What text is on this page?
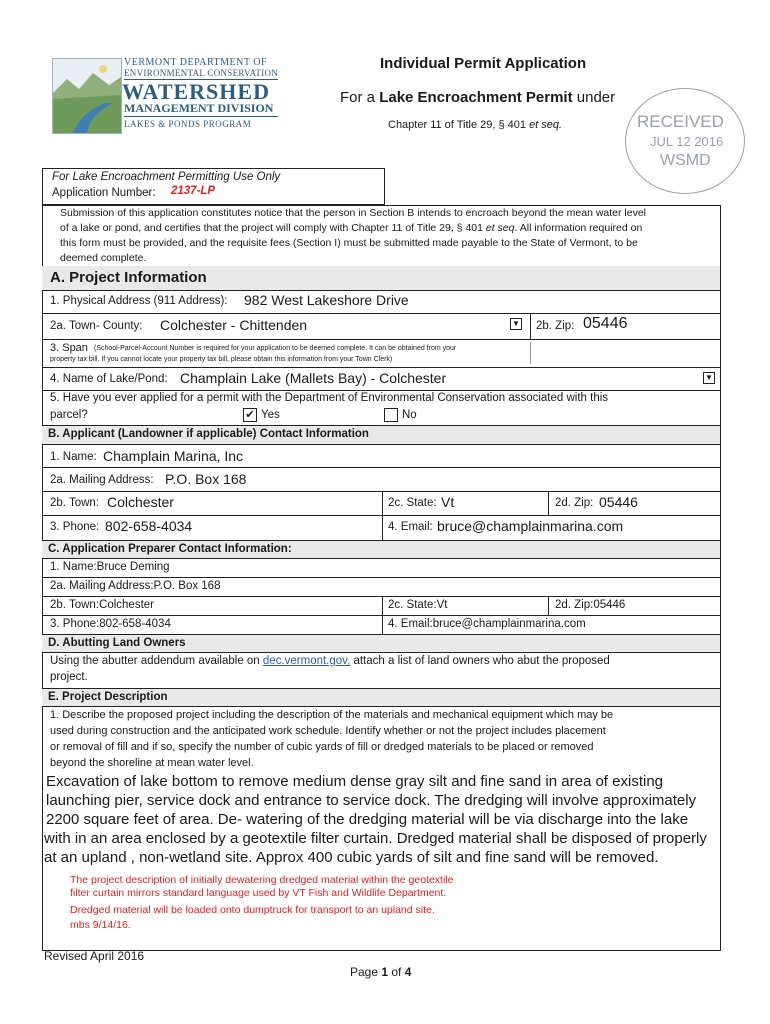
VERMONT DEPARTMENT OF
ENVIRONMENTAL CONSERVATION
WATERSHED
MANAGEMENT DIVISION
LAKES & PONDS PROGRAM
Individual Permit Application
For a Lake Encroachment Permit under
Chapter 11 of Title 29, § 401 et seq.	RECEIVED
JUL 12 2016
WSMD
For Lake Encroachment Permitting Use Only
Application Number: 2137-LP
Submission of this application constitutes notice that the person in Section B intends to encroach beyond the mean water level
of a lake or pond, and certifies that the project will comply with Chapter 11 of Title 29, § 401 et seq. All information required on
this form must be provided, and the requisite fees (Section I) must be submitted made payable to the State of Vermont, to be
deemed complete.
A. Project Information
1. Physical Address (911 Address): 982 West Lakeshore Drive
2a. Town- County: Colchester - Chittenden	▼ 2b. Zip: 05446
3. Span (School-Parcel-Account Number is required for your application to be deemed complete. It can be obtained from your
property tax bill. If you cannot locate your property tax bill, please obtain this information from your Town Clerk)
4. Name of Lake/Pond: Champlain Lake (Mallets Bay) - Colchester	▼
5. Have you ever applied for a permit with the Department of Environmental Conservation associated with this
parcel?	✔ Yes	No
B. Applicant (Landowner if applicable) Contact Information
1. Name: Champlain Marina, Inc
2a. Mailing Address: P.O. Box 168
2b. Town: Colchester	2c. State: Vt	2d. Zip: 05446
3. Phone: 802-658-4034	4. Email: bruce@champlainmarina.com
C. Application Preparer Contact Information:
1. Name:Bruce Deming
2a. Mailing Address:P.O. Box 168
2b. Town:Colchester	2c. State:Vt	2d. Zip:05446
3. Phone:802-658-4034	4. Email:bruce@champlainmarina.com
D. Abutting Land Owners
Using the abutter addendum available on dec.vermont.gov, attach a list of land owners who abut the proposed
project.
E. Project Description
1. Describe the proposed project including the description of the materials and mechanical equipment which may be
used during construction and the anticipated work schedule. Identify whether or not the project includes placement
or removal of fill and if so, specify the number of cubic yards of fill or dredged materials to be placed or removed
beyond the shoreline at mean water level.
Excavation of lake bottom to remove medium dense gray silt and fine sand in area of existing
launching pier, service dock and entrance to service dock. The dredging will involve approximately
2200 square feet of area. De- watering of the dredging material will be via discharge into the lake
with in an area enclosed by a geotextile filter curtain. Dredged material shall be disposed of properly
at an upland , non-wetland site. Approx 400 cubic yards of silt and fine sand will be removed.
The project description of initially dewatering dredged material within the geotextile
filter curtain mirrors standard language used by VT Fish and Wildlife Department.
Dredged material will be loaded onto dumptruck for transport to an upland site.
mbs 9/14/16.
Revised April 2016
Page 1 of 4
